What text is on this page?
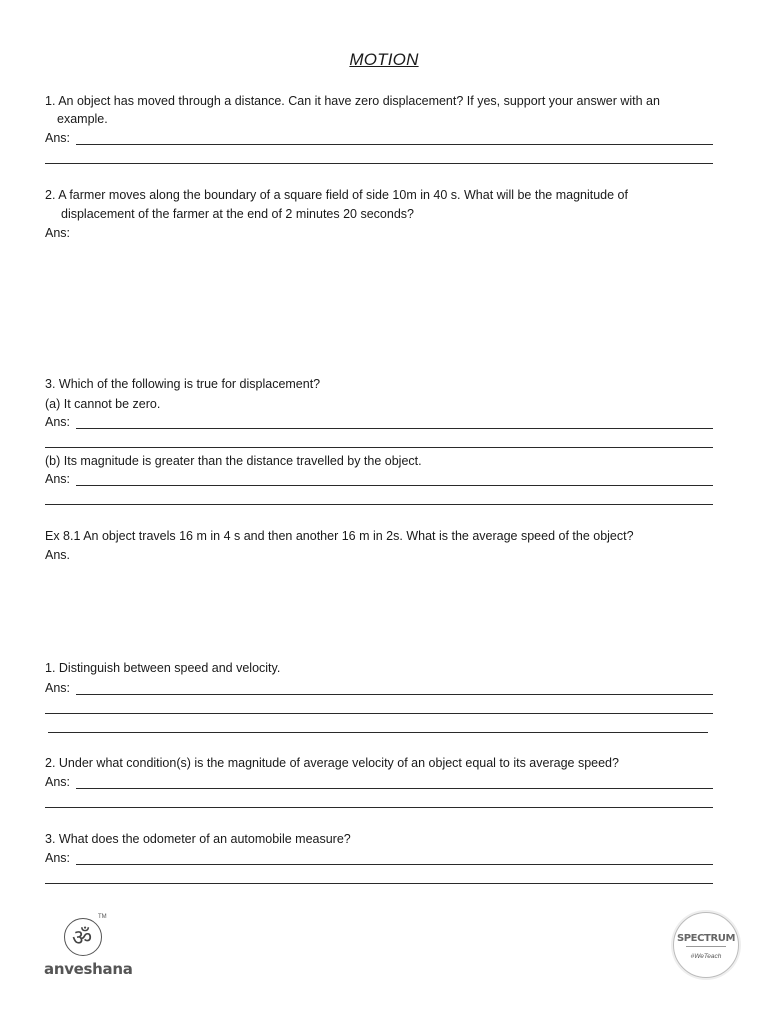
MOTION
1. An object has moved through a distance. Can it have zero displacement? If yes, support your answer with an
example.
Ans:
2. A farmer moves along the boundary of a square field of side 10m in 40 s. What will be the magnitude of
displacement of the farmer at the end of 2 minutes 20 seconds?
Ans:
3. Which of the following is true for displacement?
(a) It cannot be zero.
Ans:
(b) Its magnitude is greater than the distance travelled by the object.
Ans:
Ex 8.1 An object travels 16 m in 4 s and then another 16 m in 2s. What is the average speed of the object?
Ans.
1. Distinguish between speed and velocity.
Ans:
2. Under what condition(s) is the magnitude of average velocity of an object equal to its average speed?
Ans:
3. What does the odometer of an automobile measure?
Ans:
ॐ
TM
anveshana
SPECTRUM
#WeTeach
